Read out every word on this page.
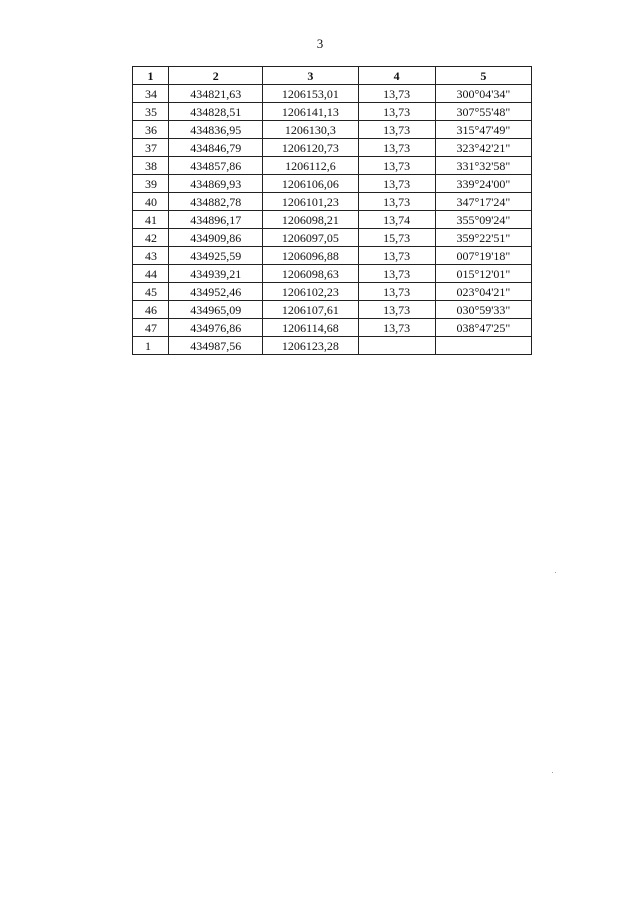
3
1	2	3	4	5
34	434821,63	1206153,01	13,73	300°04'34"
35	434828,51	1206141,13	13,73	307°55'48"
36	434836,95	1206130,3	13,73	315°47'49"
37	434846,79	1206120,73	13,73	323°42'21"
38	434857,86	1206112,6	13,73	331°32'58"
39	434869,93	1206106,06	13,73	339°24'00"
40	434882,78	1206101,23	13,73	347°17'24"
41	434896,17	1206098,21	13,74	355°09'24"
42	434909,86	1206097,05	15,73	359°22'51"
43	434925,59	1206096,88	13,73	007°19'18"
44	434939,21	1206098,63	13,73	015°12'01"
45	434952,46	1206102,23	13,73	023°04'21"
46	434965,09	1206107,61	13,73	030°59'33"
47	434976,86	1206114,68	13,73	038°47'25"
1	434987,56	1206123,28		
